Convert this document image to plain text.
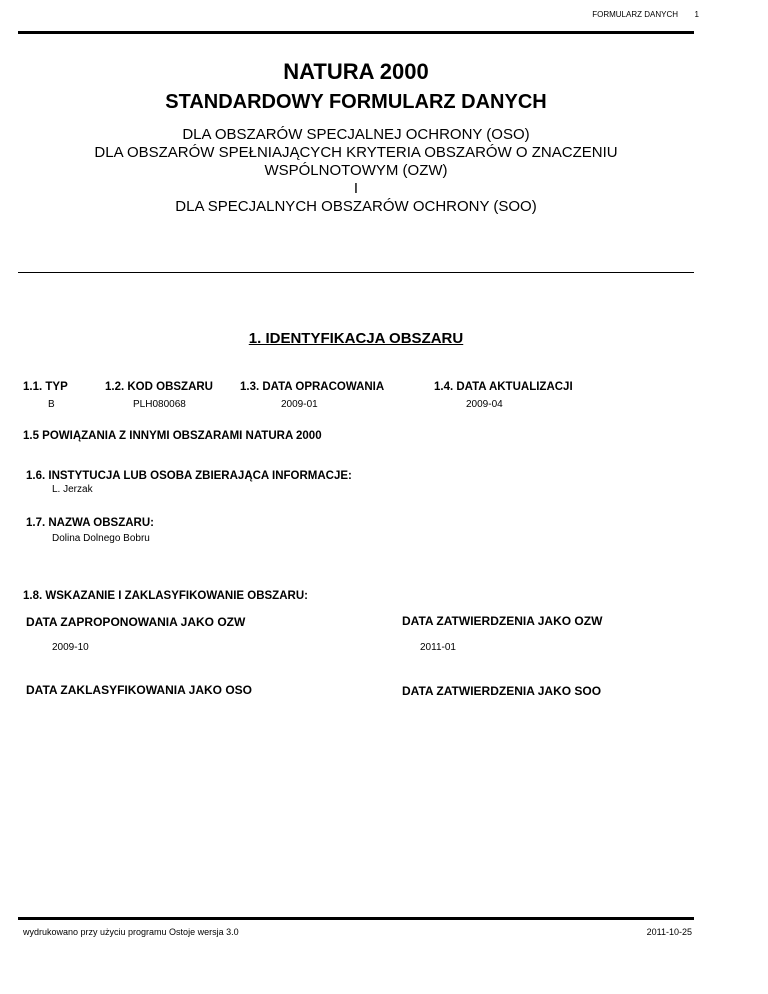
FORMULARZ DANYCH 1
NATURA 2000
STANDARDOWY FORMULARZ DANYCH
DLA OBSZARÓW SPECJALNEJ OCHRONY (OSO)
DLA OBSZARÓW SPEŁNIAJĄCYCH KRYTERIA OBSZARÓW O ZNACZENIU
WSPÓLNOTOWYM (OZW)
I
DLA SPECJALNYCH OBSZARÓW OCHRONY (SOO)
1. IDENTYFIKACJA OBSZARU
1.1. TYP
B
1.2. KOD OBSZARU
PLH080068
1.3. DATA OPRACOWANIA
2009-01
1.4. DATA AKTUALIZACJI
2009-04
1.5 POWIĄZANIA Z INNYMI OBSZARAMI NATURA 2000
1.6. INSTYTUCJA LUB OSOBA ZBIERAJĄCA INFORMACJE:
L. Jerzak
1.7. NAZWA OBSZARU:
Dolina Dolnego Bobru
1.8. WSKAZANIE I ZAKLASYFIKOWANIE OBSZARU:
DATA ZAPROPONOWANIA JAKO OZW
2009-10
DATA ZATWIERDZENIA JAKO OZW
2011-01
DATA ZAKLASYFIKOWANIA JAKO OSO	DATA ZATWIERDZENIA JAKO SOO
wydrukowano przy użyciu programu Ostoje wersja 3.0	2011-10-25
